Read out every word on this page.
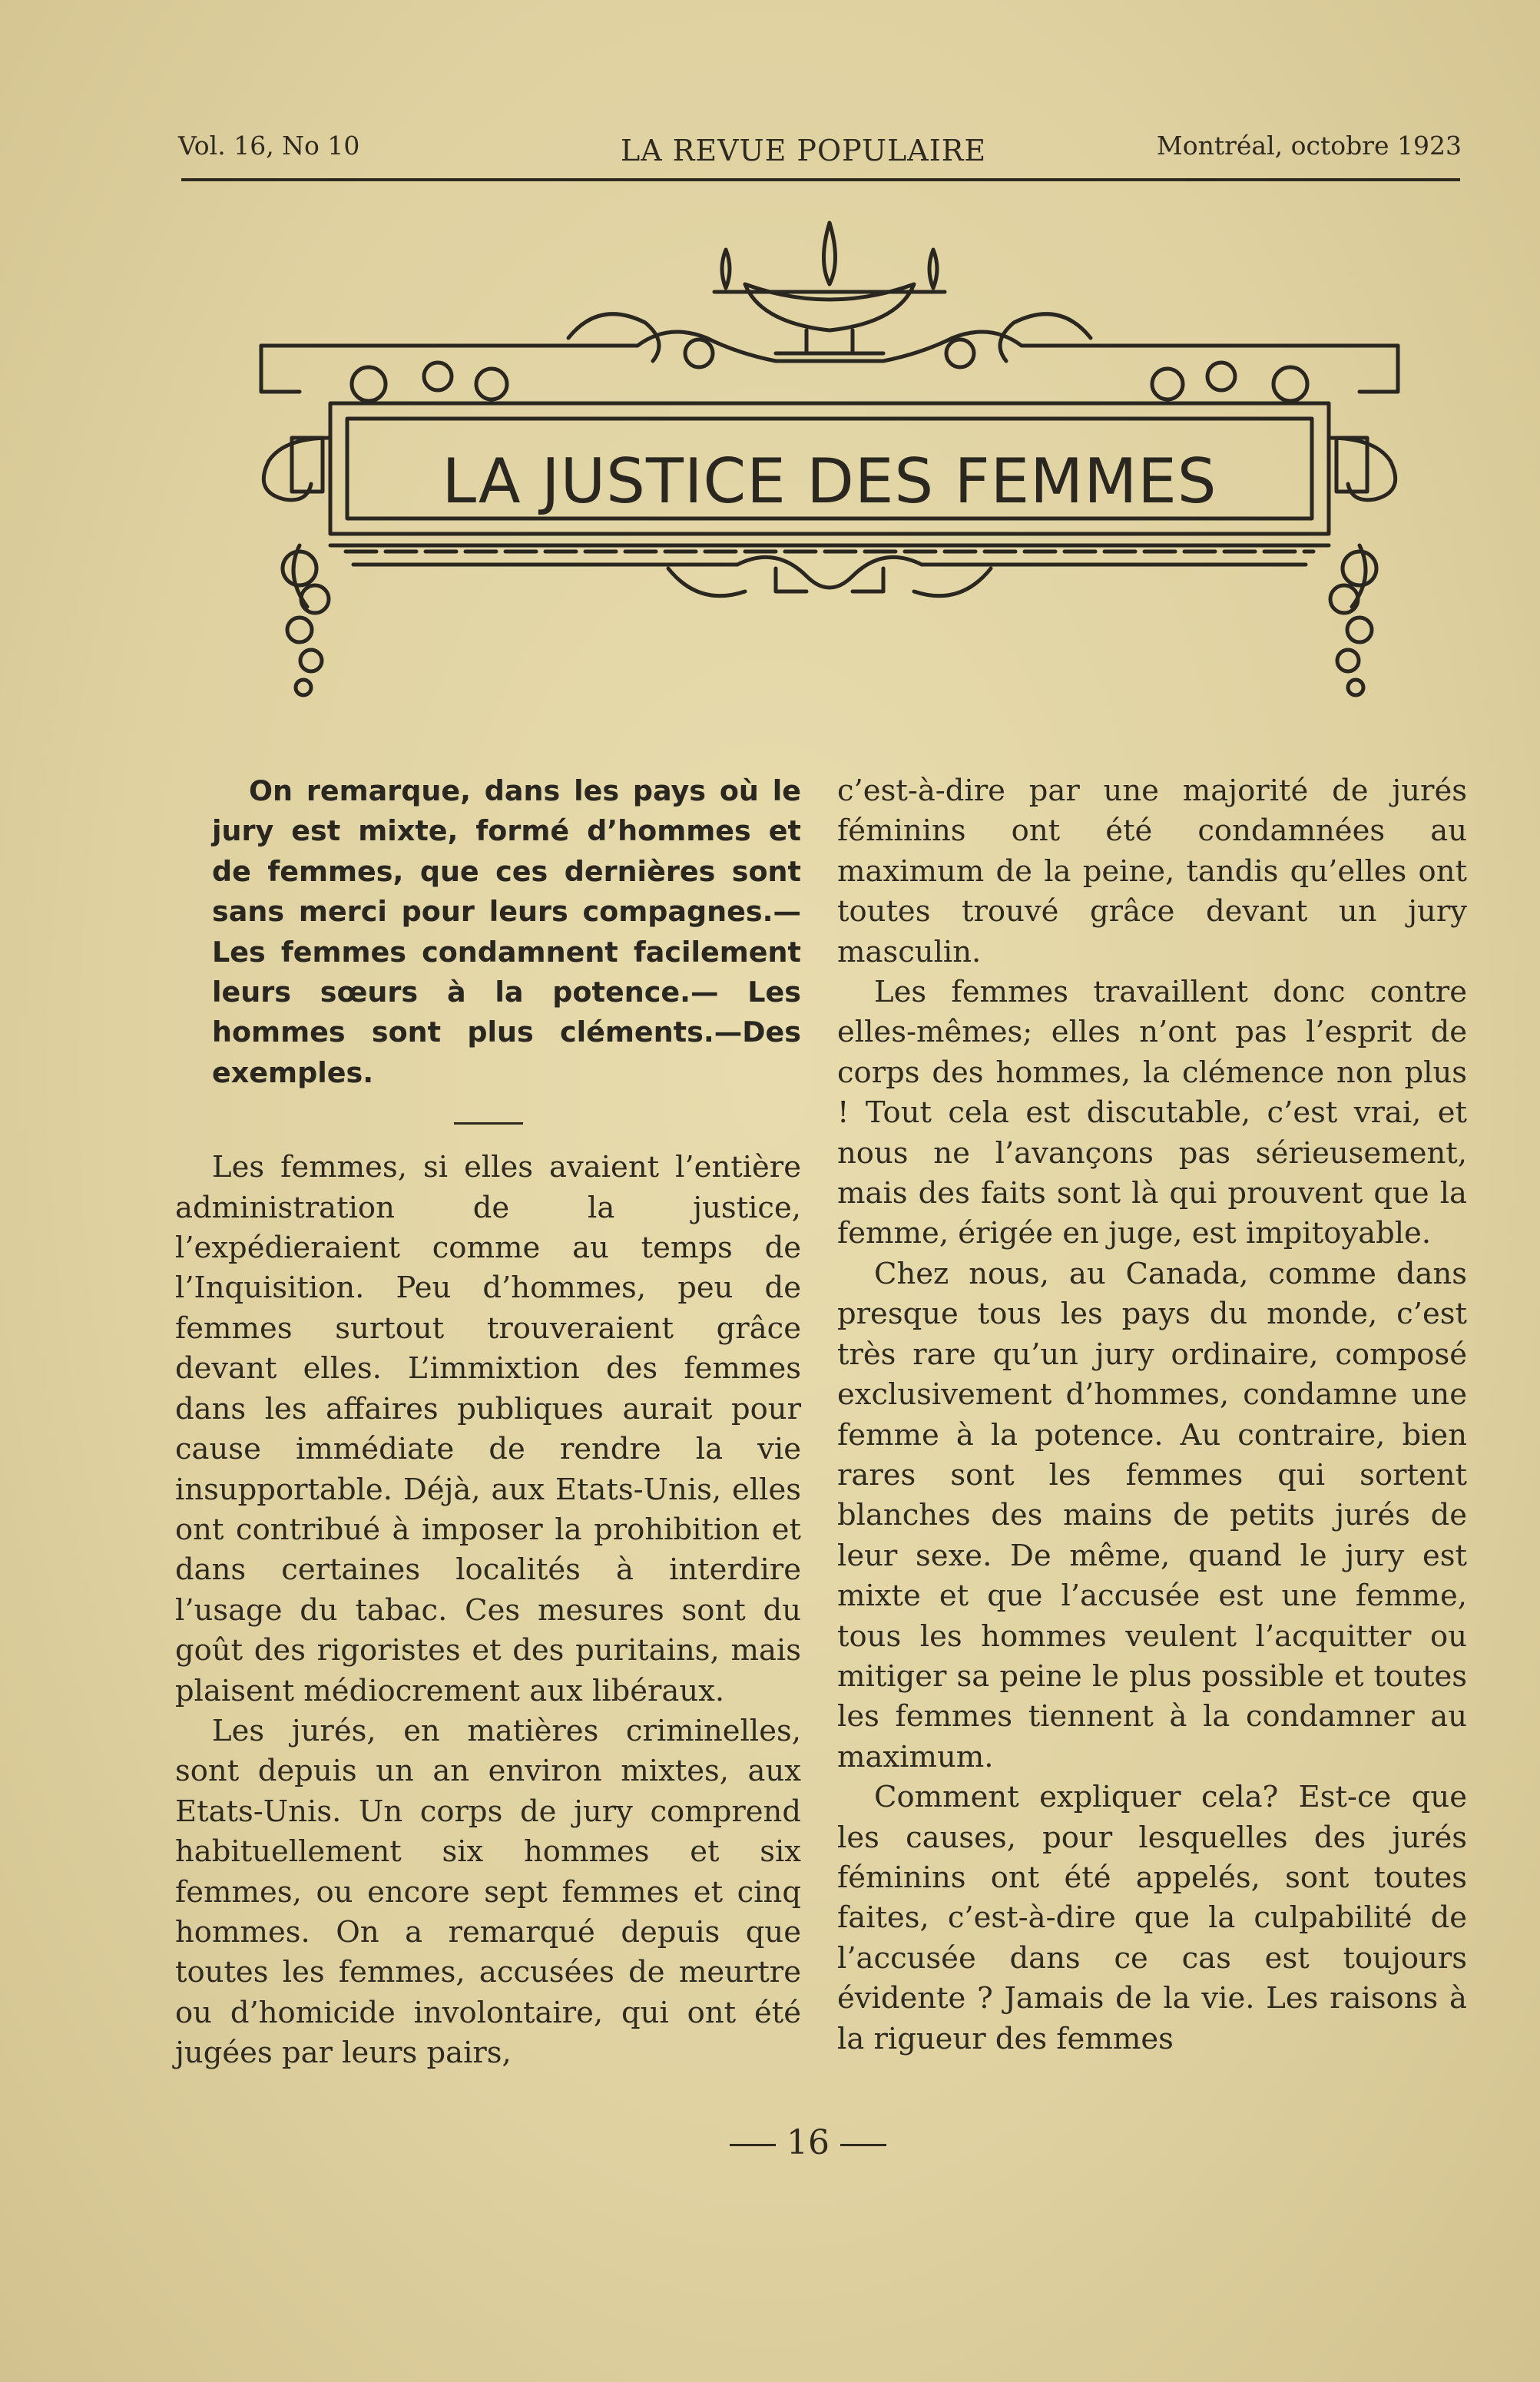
Vol. 16, No 10	LA REVUE POPULAIRE	Montréal, octobre 1923
LA JUSTICE DES FEMMES

On remarque, dans les pays où le jury est mixte, formé d’hommes et de femmes, que ces dernières sont sans merci pour leurs compagnes.—Les femmes condamnent facilement leurs sœurs à la potence.— Les hommes sont plus cléments.—Des exemples.

Les femmes, si elles avaient l’entière administration de la justice, l’expédieraient comme au temps de l’Inquisition. Peu d’hommes, peu de femmes surtout trouveraient grâce devant elles. L’immixtion des femmes dans les affaires publiques aurait pour cause immédiate de rendre la vie insupportable. Déjà, aux Etats-Unis, elles ont contribué à imposer la prohibition et dans certaines localités à interdire l’usage du tabac. Ces mesures sont du goût des rigoristes et des puritains, mais plaisent médiocrement aux libéraux.

Les jurés, en matières criminelles, sont depuis un an environ mixtes, aux Etats-Unis. Un corps de jury comprend habituellement six hommes et six femmes, ou encore sept femmes et cinq hommes. On a remarqué depuis que toutes les femmes, accusées de meurtre ou d’homicide involontaire, qui ont été jugées par leurs pairs,

c’est-à-dire par une majorité de jurés féminins ont été condamnées au maximum de la peine, tandis qu’elles ont toutes trouvé grâce devant un jury masculin.

Les femmes travaillent donc contre elles-mêmes; elles n’ont pas l’esprit de corps des hommes, la clémence non plus ! Tout cela est discutable, c’est vrai, et nous ne l’avançons pas sérieusement, mais des faits sont là qui prouvent que la femme, érigée en juge, est impitoyable.

Chez nous, au Canada, comme dans presque tous les pays du monde, c’est très rare qu’un jury ordinaire, composé exclusivement d’hommes, condamne une femme à la potence. Au contraire, bien rares sont les femmes qui sortent blanches des mains de petits jurés de leur sexe. De même, quand le jury est mixte et que l’accusée est une femme, tous les hommes veulent l’acquitter ou mitiger sa peine le plus possible et toutes les femmes tiennent à la condamner au maximum.

Comment expliquer cela? Est-ce que les causes, pour lesquelles des jurés féminins ont été appelés, sont toutes faites, c’est-à-dire que la culpabilité de l’accusée dans ce cas est toujours évidente ? Jamais de la vie. Les raisons à la rigueur des femmes

16
